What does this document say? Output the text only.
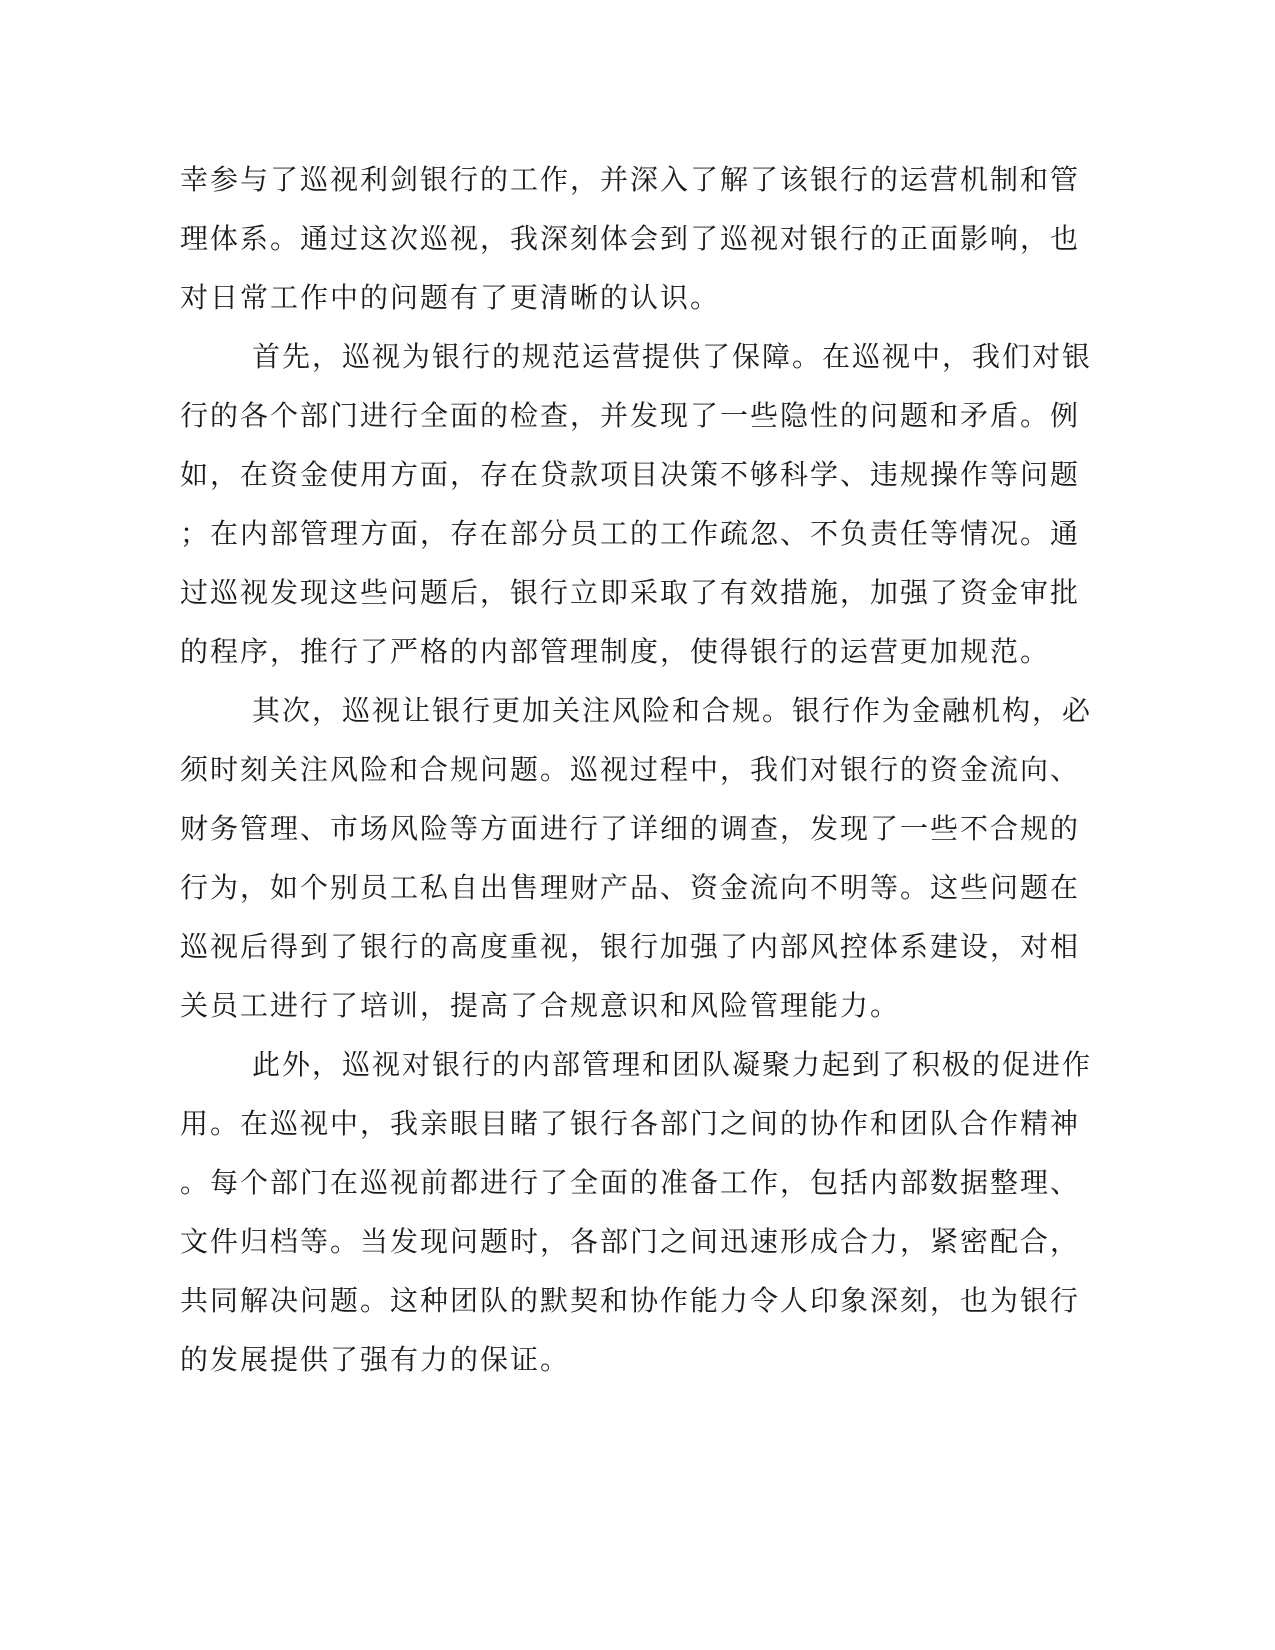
幸参与了巡视利剑银行的工作，并深入了解了该银行的运营机制和管
理体系。通过这次巡视，我深刻体会到了巡视对银行的正面影响，也
对日常工作中的问题有了更清晰的认识。
首先，巡视为银行的规范运营提供了保障。在巡视中，我们对银
行的各个部门进行全面的检查，并发现了一些隐性的问题和矛盾。例
如，在资金使用方面，存在贷款项目决策不够科学、违规操作等问题
；在内部管理方面，存在部分员工的工作疏忽、不负责任等情况。通
过巡视发现这些问题后，银行立即采取了有效措施，加强了资金审批
的程序，推行了严格的内部管理制度，使得银行的运营更加规范。
其次，巡视让银行更加关注风险和合规。银行作为金融机构，必
须时刻关注风险和合规问题。巡视过程中，我们对银行的资金流向、
财务管理、市场风险等方面进行了详细的调查，发现了一些不合规的
行为，如个别员工私自出售理财产品、资金流向不明等。这些问题在
巡视后得到了银行的高度重视，银行加强了内部风控体系建设，对相
关员工进行了培训，提高了合规意识和风险管理能力。
此外，巡视对银行的内部管理和团队凝聚力起到了积极的促进作
用。在巡视中，我亲眼目睹了银行各部门之间的协作和团队合作精神
。每个部门在巡视前都进行了全面的准备工作，包括内部数据整理、
文件归档等。当发现问题时，各部门之间迅速形成合力，紧密配合，
共同解决问题。这种团队的默契和协作能力令人印象深刻，也为银行
的发展提供了强有力的保证。
